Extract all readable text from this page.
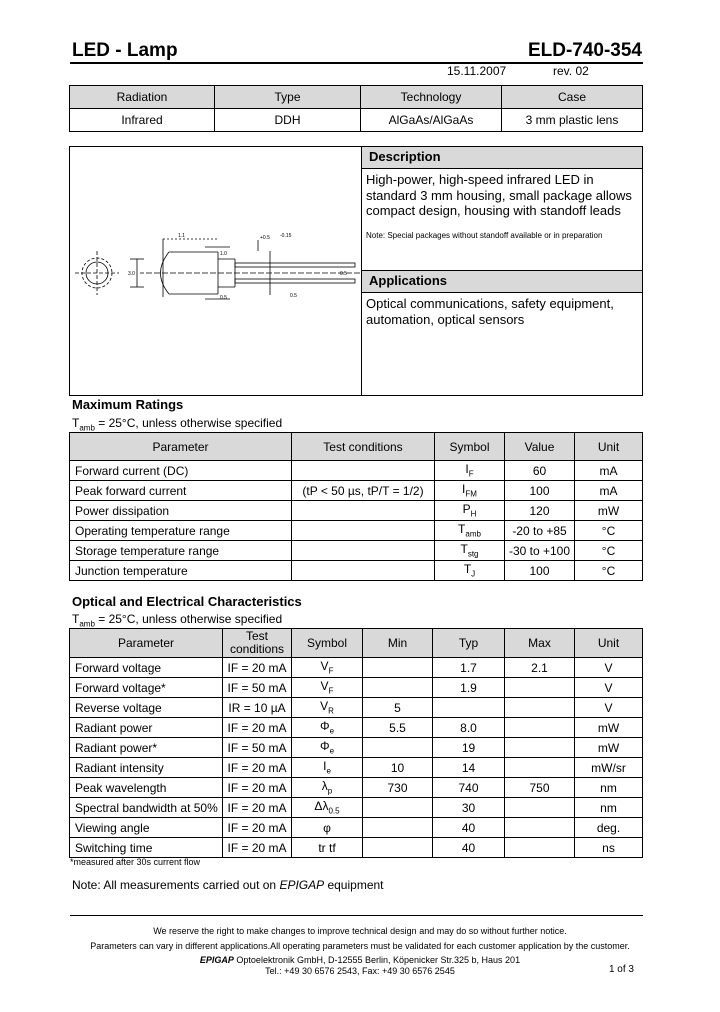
LED - Lamp	ELD-740-354
15.11.2007	rev. 02
Radiation	Type	Technology	Case
Infrared	DDH	AlGaAs/AlGaAs	3 mm plastic lens
1.1	+0.5 -0.15
3.0
1.0
0.5	0.5
0.5
Description
High-power, high-speed infrared LED in standard 3 mm housing, small package allows compact design, housing with standoff leads
Note: Special packages without standoff available or in preparation
Applications
Optical communications, safety equipment, automation, optical sensors
Maximum Ratings
$T_{amb} = 25^\circ C$, unless otherwise specified
Parameter	Test conditions	Symbol	Value	Unit
Forward current (DC)		$I_F$	60	mA
Peak forward current	(tP < 50 µs, tP/T = 1/2)	$I_{FM}$	100	mA
Power dissipation		$P_H$	120	mW
Operating temperature range		$T_{amb}$	-20 to +85	°C
Storage temperature range		$T_{stg}$	-30 to +100	°C
Junction temperature		$T_J$	100	°C
Optical and Electrical Characteristics
$T_{amb} = 25^\circ C$, unless otherwise specified
Parameter	Test conditions	Symbol	Min	Typ	Max	Unit
Forward voltage	IF = 20 mA	$V_F$		1.7	2.1	V
Forward voltage*	IF = 50 mA	$V_F$		1.9		V
Reverse voltage	IR = 10 µA	$V_R$	5			V
Radiant power	IF = 20 mA	$\Phi_e$	5.5	8.0		mW
Radiant power*	IF = 50 mA	$\Phi_e$		19		mW
Radiant intensity	IF = 20 mA	$I_e$	10	14		mW/sr
Peak wavelength	IF = 20 mA	$\lambda_p$	730	740	750	nm
Spectral bandwidth at 50%	IF = 20 mA	$\Delta\lambda_{0.5}$		30		nm
Viewing angle	IF = 20 mA	φ		40		deg.
Switching time	IF = 20 mA	tr tf		40		ns
*measured after 30s current flow
Note: All measurements carried out on EPIGAP equipment
We reserve the right to make changes to improve technical design and may do so without further notice.
Parameters can vary in different applications.All operating parameters must be validated for each customer application by the customer.
EPIGAP Optoelektronik GmbH, D-12555 Berlin, Köpenicker Str.325 b, Haus 201
Tel.: +49 30 6576 2543, Fax: +49 30 6576 2545	1 of 3
